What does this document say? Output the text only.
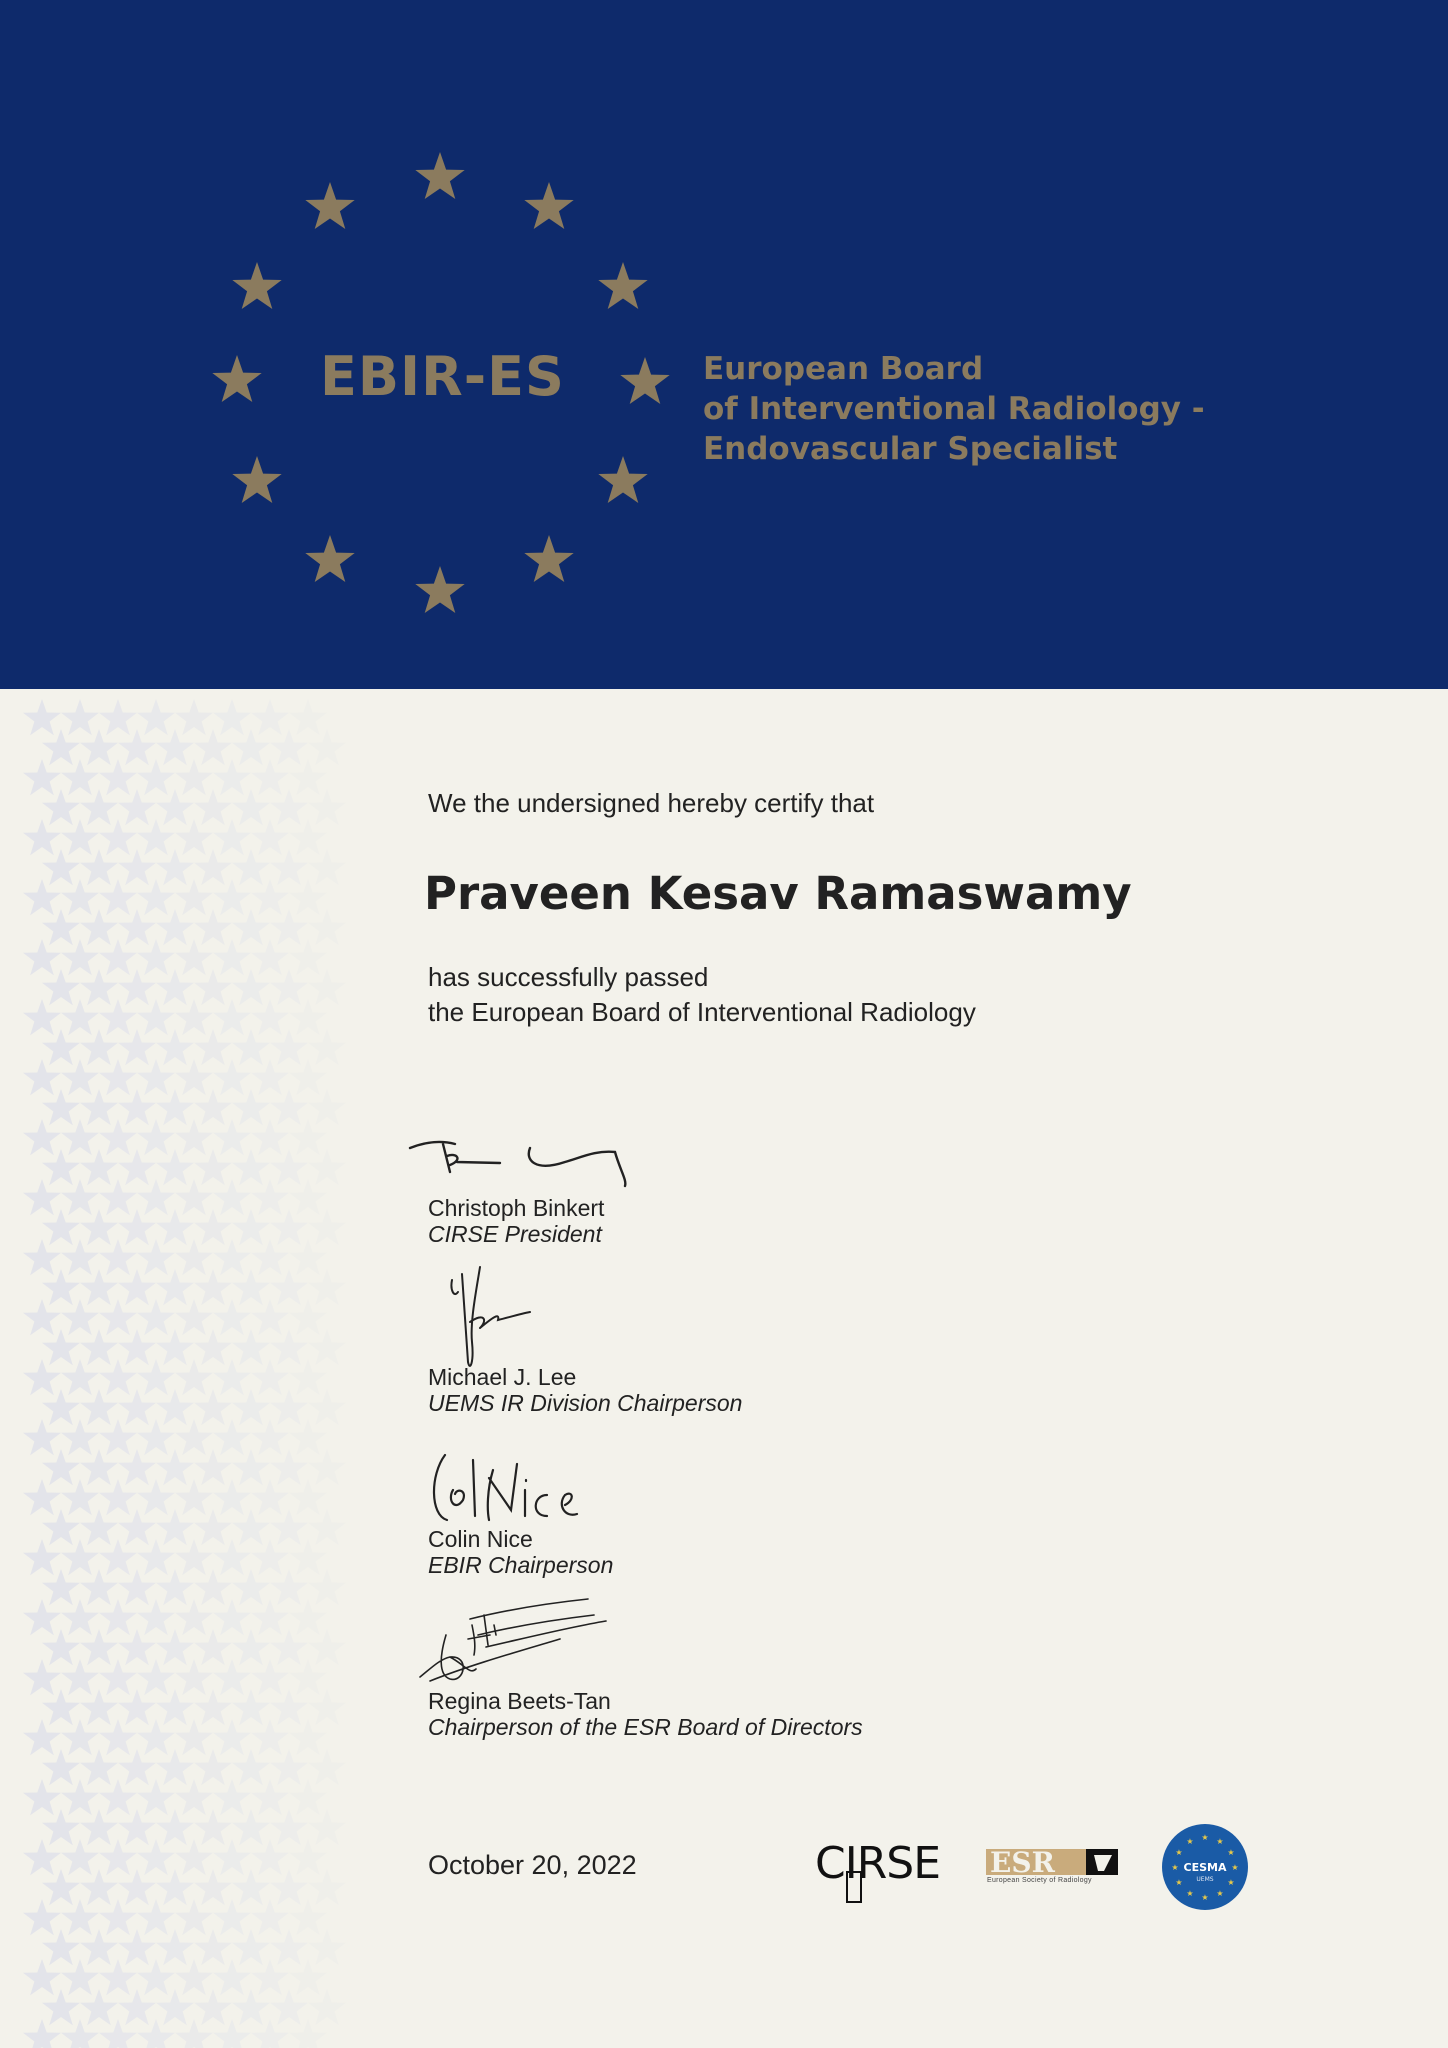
EBIR-ES	European Board
of Interventional Radiology -
Endovascular Specialist
We the undersigned hereby certify that
Praveen Kesav Ramaswamy
has successfully passed
the European Board of Interventional Radiology
Christoph Binkert
CIRSE President
Michael J. Lee
UEMS IR Division Chairperson
Colin Nice
EBIR Chairperson
Regina Beets-Tan
Chairperson of the ESR Board of Directors
October 20, 2022	CIRSE ESR
European Society of Radiology
CESMA
UEMS
★
★
★
★
★
★
★
★
★ ★ ★
★
